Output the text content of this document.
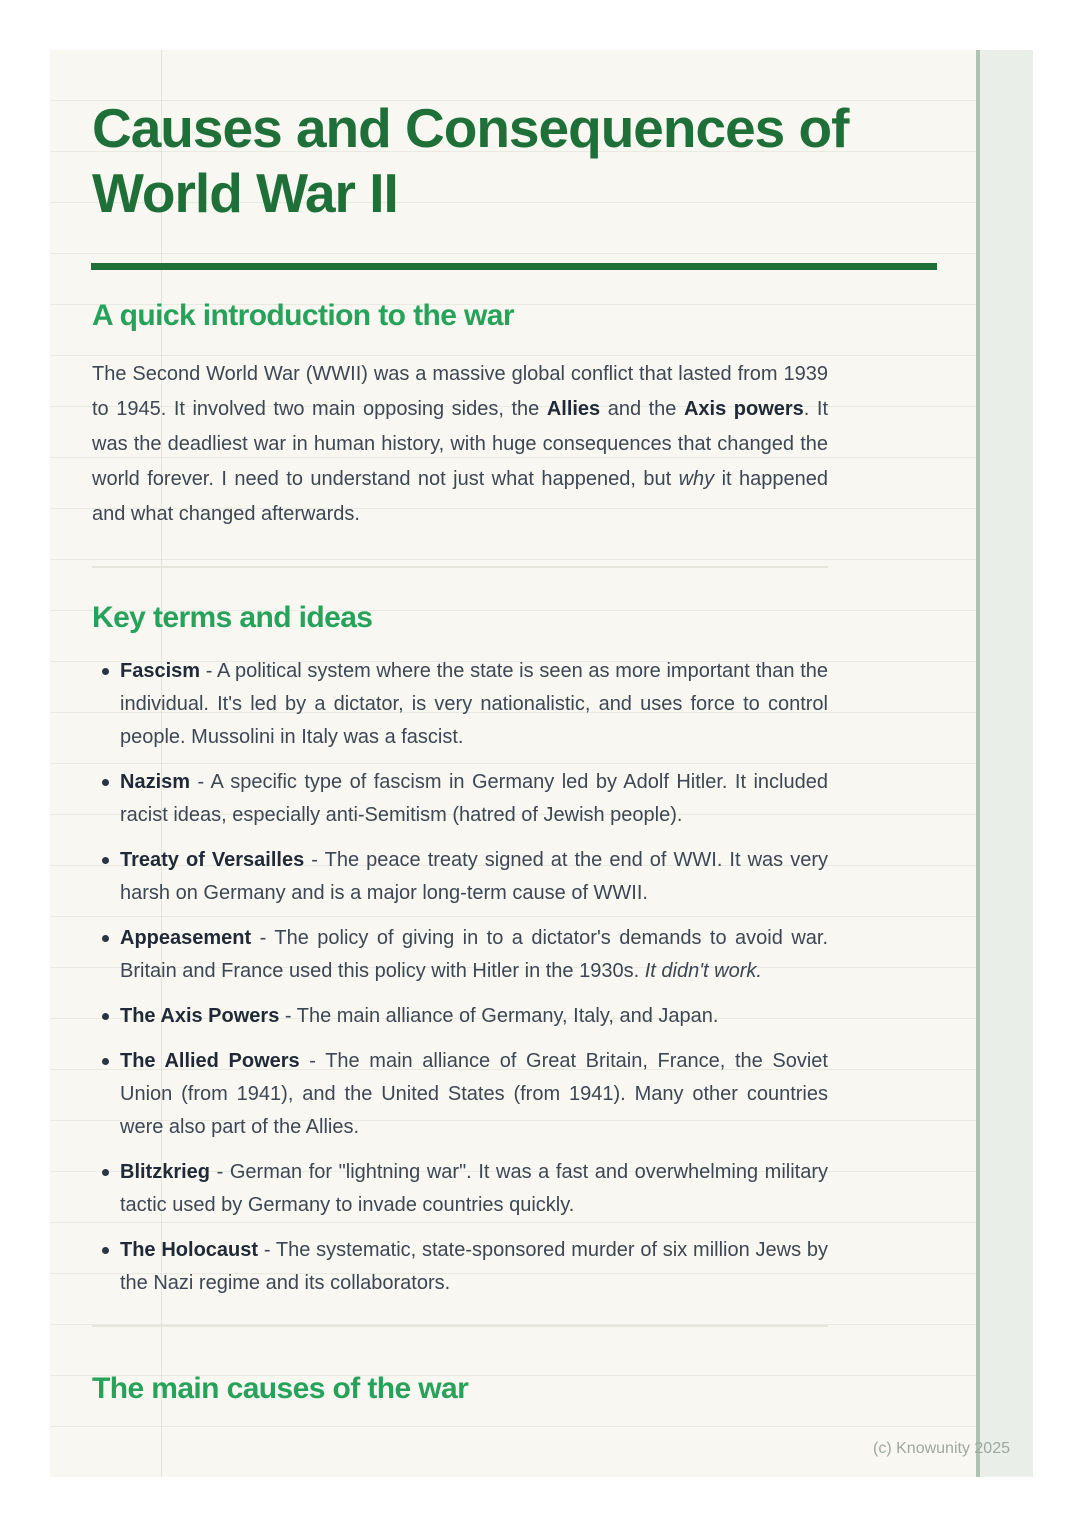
Causes and Consequences of World War II
A quick introduction to the war

The Second World War (WWII) was a massive global conflict that lasted from 1939 to 1945. It involved two main opposing sides, the Allies and the Axis powers. It was the deadliest war in human history, with huge consequences that changed the world forever. I need to understand not just what happened, but why it happened and what changed afterwards.

Key terms and ideas
Fascism - A political system where the state is seen as more important than the individual. It's led by a dictator, is very nationalistic, and uses force to control people. Mussolini in Italy was a fascist.
Nazism - A specific type of fascism in Germany led by Adolf Hitler. It included racist ideas, especially anti-Semitism (hatred of Jewish people).
Treaty of Versailles - The peace treaty signed at the end of WWI. It was very harsh on Germany and is a major long-term cause of WWII.
Appeasement - The policy of giving in to a dictator's demands to avoid war. Britain and France used this policy with Hitler in the 1930s. It didn't work.
The Axis Powers - The main alliance of Germany, Italy, and Japan.
The Allied Powers - The main alliance of Great Britain, France, the Soviet Union (from 1941), and the United States (from 1941). Many other countries were also part of the Allies.
Blitzkrieg - German for "lightning war". It was a fast and overwhelming military tactic used by Germany to invade countries quickly.
The Holocaust - The systematic, state-sponsored murder of six million Jews by the Nazi regime and its collaborators.
The main causes of the war
(c) Knowunity 2025
